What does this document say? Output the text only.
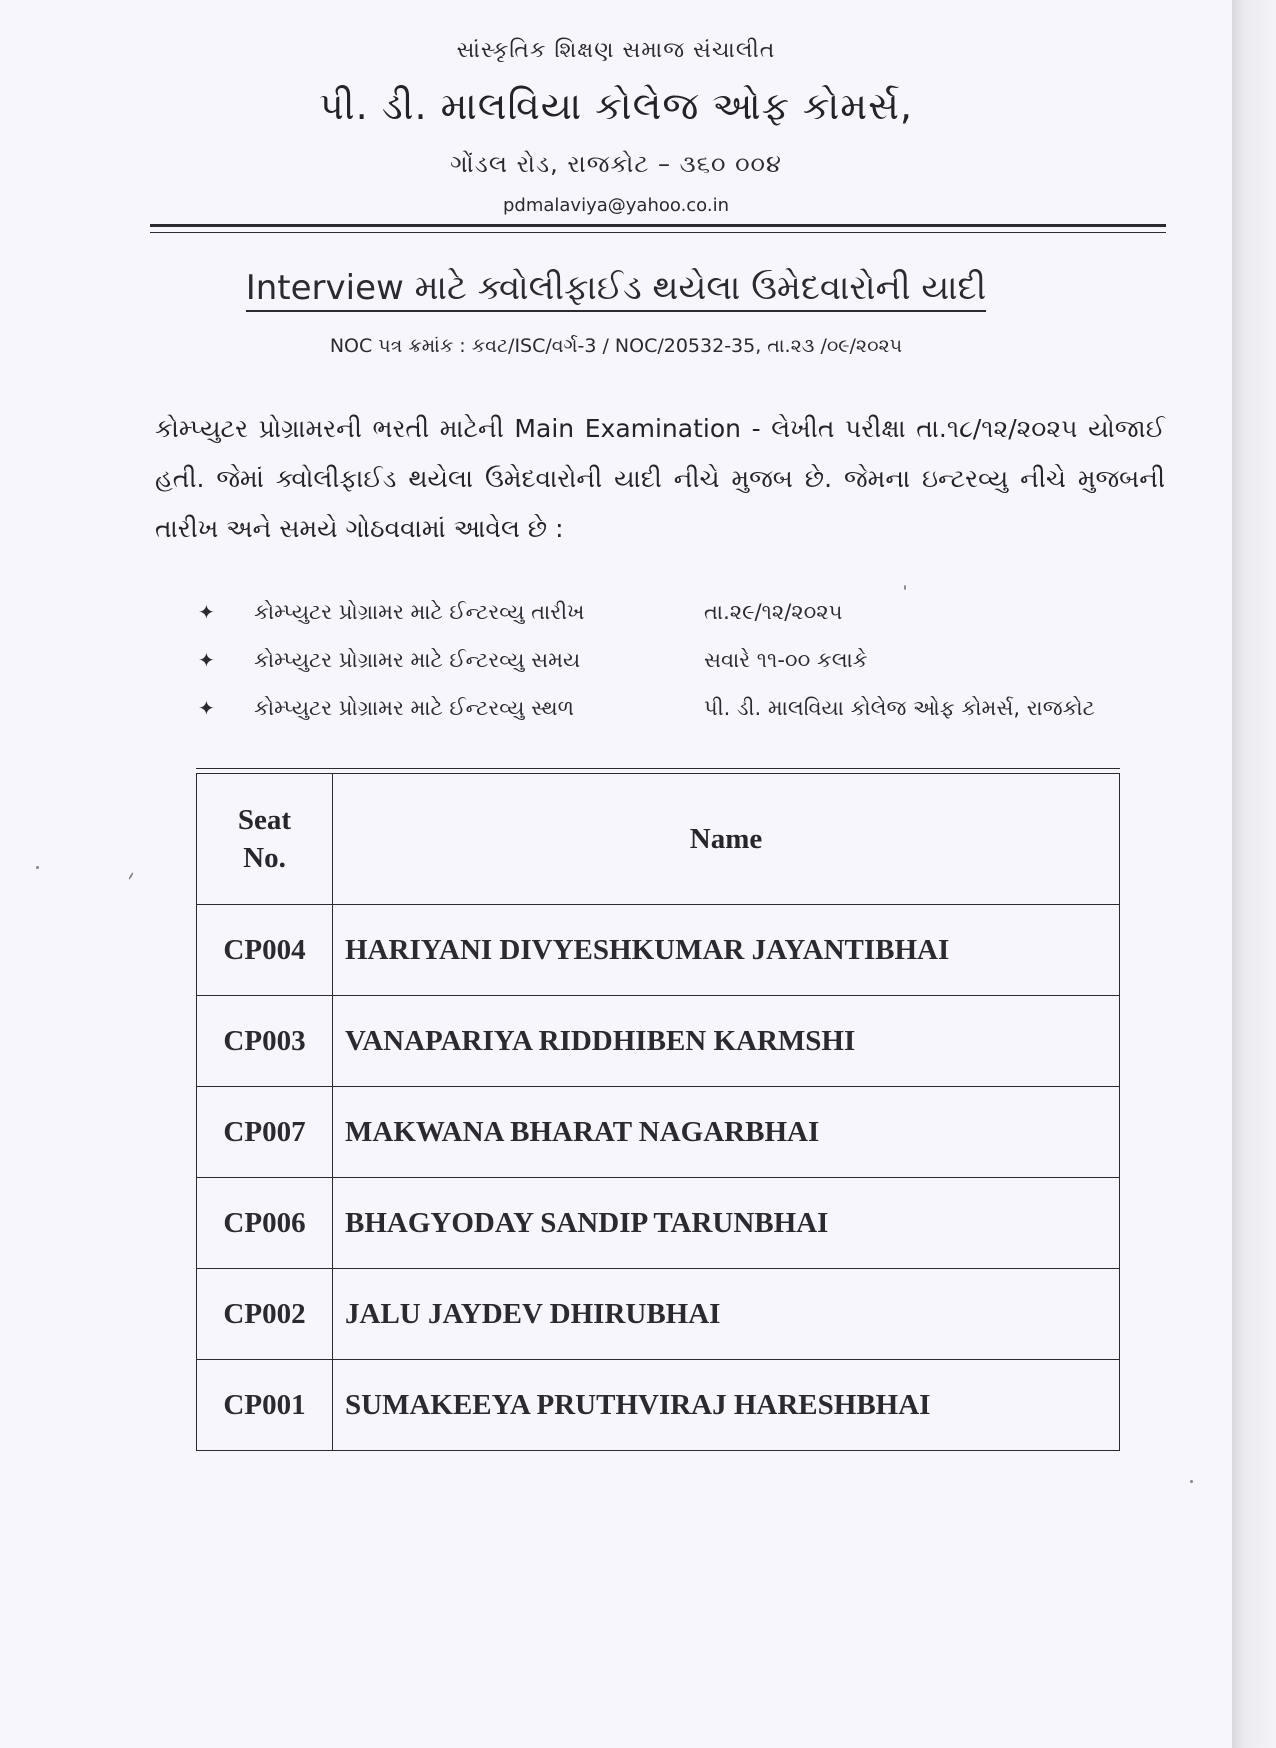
સાંસ્કૃતિક શિક્ષણ સમાજ સંચાલીત
પી. ડી. માલવિયા કોલેજ ઓફ કોમર્સ,
ગોંડલ રોડ, રાજકોટ – ૩૬૦ ૦૦૪
pdmalaviya@yahoo.co.in
Interview માટે ક્વોલીફાઈડ થયેલા ઉમેદવારોની યાદી
NOC પત્ર ક્રમાંક : કવટ/ISC/વર્ગ-3 / NOC/20532-35, તા.૨૩ /૦૯/૨૦૨૫
કોમ્પ્યુટર પ્રોગ્રામરની ભરતી માટેની Main Examination - લેખીત પરીક્ષા તા.૧૮/૧૨/૨૦૨૫ યોજાઈ હતી. જેમાં ક્વોલીફાઈડ થયેલા ઉમેદવારોની યાદી નીચે મુજબ છે. જેમના ઇન્ટરવ્યુ નીચે મુજબની તારીખ અને સમયે ગોઠવવામાં આવેલ છે :
✦ કોમ્પ્યુટર પ્રોગ્રામર માટે ઈન્ટરવ્યુ તારીખ	તા.૨૯/૧૨/૨૦૨૫
✦ કોમ્પ્યુટર પ્રોગ્રામર માટે ઈન્ટરવ્યુ સમય	સવારે ૧૧-૦૦ કલાકે
✦ કોમ્પ્યુટર પ્રોગ્રામર માટે ઈન્ટરવ્યુ સ્થળ	પી. ડી. માલવિયા કોલેજ ઓફ કોમર્સ, રાજકોટ
Seat
No.	Name
CP004	HARIYANI DIVYESHKUMAR JAYANTIBHAI
CP003	VANAPARIYA RIDDHIBEN KARMSHI
CP007	MAKWANA BHARAT NAGARBHAI
CP006	BHAGYODAY SANDIP TARUNBHAI
CP002	JALU JAYDEV DHIRUBHAI
CP001	SUMAKEEYA PRUTHVIRAJ HARESHBHAI
